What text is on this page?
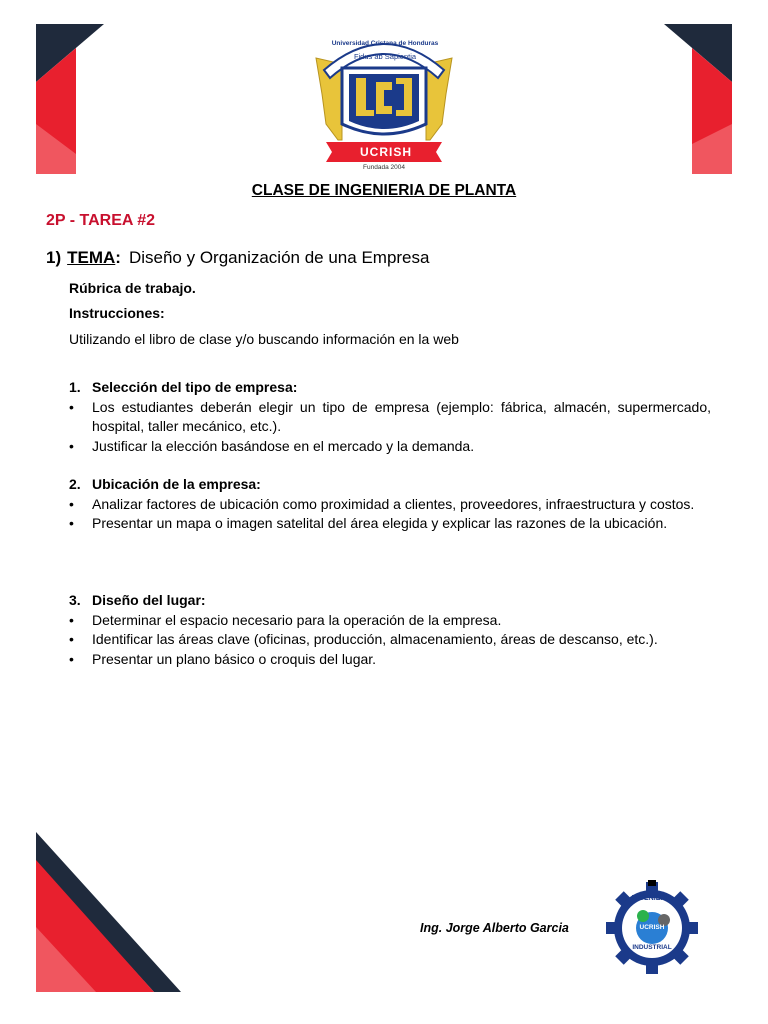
Universidad Cristana de Honduras
Fidus ab Sapientia
UCRISH
Fundada 2004
CLASE DE INGENIERIA DE PLANTA
2P - TAREA #2
1) TEMA: Diseño y Organización de una Empresa
Rúbrica de trabajo.
Instrucciones:
Utilizando el libro de clase y/o buscando información en la web
1. Selección del tipo de empresa:
•	Los estudiantes deberán elegir un tipo de empresa (ejemplo: fábrica, almacén, supermercado, hospital, taller mecánico, etc.).
•	Justificar la elección basándose en el mercado y la demanda.
2. Ubicación de la empresa:
•	Analizar factores de ubicación como proximidad a clientes, proveedores, infraestructura y costos.
•	Presentar un mapa o imagen satelital del área elegida y explicar las razones de la ubicación.
3. Diseño del lugar:
•	Determinar el espacio necesario para la operación de la empresa.
•	Identificar las áreas clave (oficinas, producción, almacenamiento, áreas de descanso, etc.).
•	Presentar un plano básico o croquis del lugar.
Ing. Jorge Alberto Garcia
INGENIERIA
UCRISH
INDUSTRIAL
